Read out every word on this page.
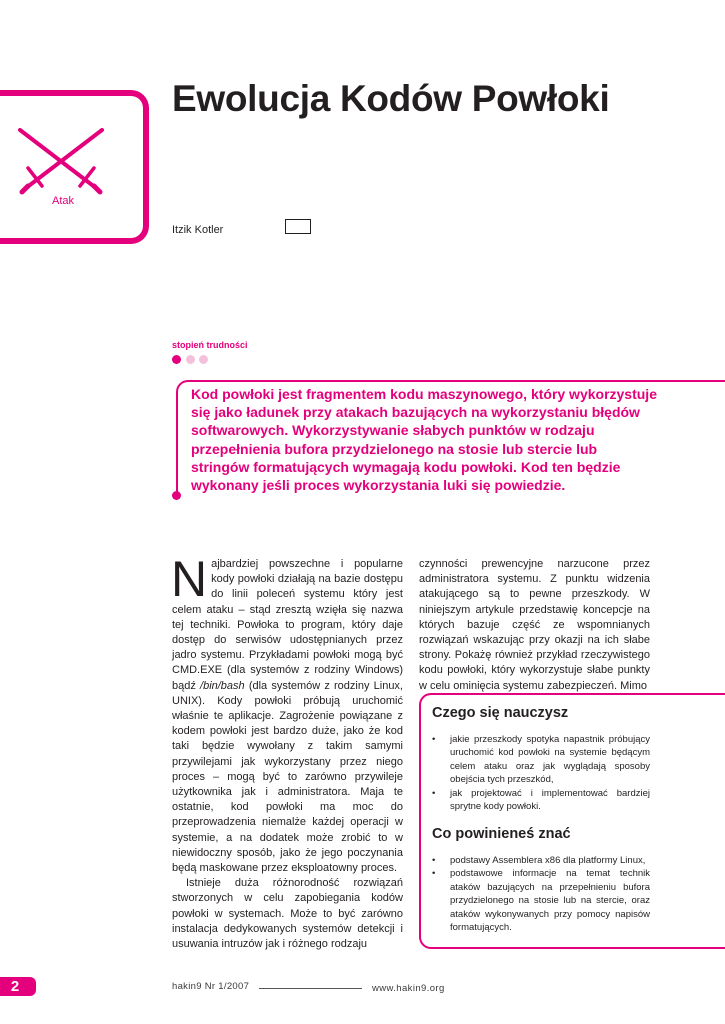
Atak
Ewolucja Kodów Powłoki
Itzik Kotler
stopień trudności

Kod powłoki jest fragmentem kodu maszynowego, który wykorzystuje się jako ładunek przy atakach bazujących na wykorzystaniu błędów softwarowych. Wykorzystywanie słabych punktów w rodzaju przepełnienia bufora przydzielonego na stosie lub stercie lub stringów formatujących wymagają kodu powłoki. Kod ten będzie wykonany jeśli proces wykorzystania luki się powiedzie.

Najbardziej powszechne i popularne kody powłoki działają na bazie dostępu do linii poleceń systemu który jest celem ataku – stąd zresztą wzięła się nazwa tej techniki. Powłoka to program, który daje dostęp do serwisów udostępnianych przez jadro systemu. Przykładami powłoki mogą być CMD.EXE (dla systemów z rodziny Windows) bądź /bin/bash (dla systemów z rodziny Linux, UNIX). Kody powłoki próbują uruchomić właśnie te aplikacje. Zagrożenie powiązane z kodem powłoki jest bardzo duże, jako że kod taki będzie wywołany z takim samymi przywilejami jak wykorzystany przez niego proces – mogą być to zarówno przywileje użytkownika jak i administratora. Maja te ostatnie, kod powłoki ma moc do przeprowadzenia niemalże każdej operacji w systemie, a na dodatek może zrobić to w niewidoczny sposób, jako że jego poczynania będą maskowane przez eksploatowny proces.

Istnieje duża różnorodność rozwiązań stworzonych w celu zapobiegania kodów powłoki w systemach. Może to być zarówno instalacja dedykowanych systemów detekcji i usuwania intruzów jak i różnego rodzaju

czynności prewencyjne narzucone przez administratora systemu. Z punktu widzenia atakującego są to pewne przeszkody. W niniejszym artykule przedstawię koncepcje na których bazuje część ze wspomnianych rozwiązań wskazując przy okazji na ich słabe strony. Pokażę również przykład rzeczywistego kodu powłoki, który wykorzystuje słabe punkty w celu ominięcia systemu zabezpieczeń. Mimo

Czego się nauczysz
• jakie przeszkody spotyka napastnik próbujący uruchomić kod powłoki na systemie będącym celem ataku oraz jak wyglądają sposoby obejścia tych przeszkód,
• jak projektować i implementować bardziej sprytne kody powłoki.
Co powinieneś znać
• podstawy Assemblera x86 dla platformy Linux,
• podstawowe informacje na temat technik ataków bazujących na przepełnieniu bufora przydzielonego na stosie lub na stercie, oraz ataków wykonywanych przy pomocy napisów formatujących.
2	hakin9 Nr 1/2007	www.hakin9.org
